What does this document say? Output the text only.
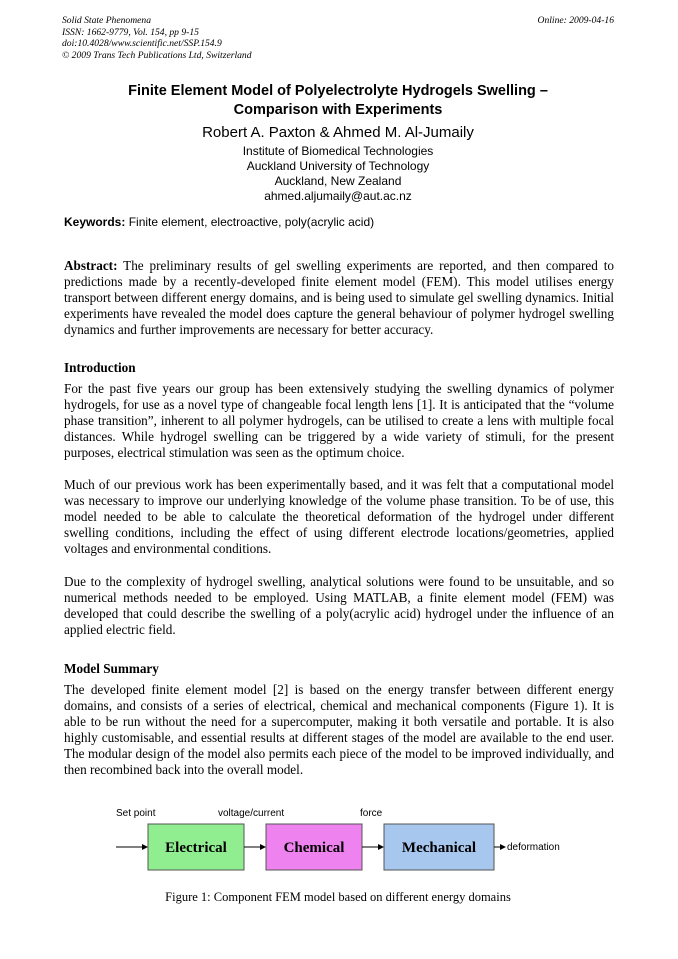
Solid State Phenomena
ISSN: 1662-9779, Vol. 154, pp 9-15
doi:10.4028/www.scientific.net/SSP.154.9
© 2009 Trans Tech Publications Ltd, Switzerland
Online: 2009-04-16
Finite Element Model of Polyelectrolyte Hydrogels Swelling –
Comparison with Experiments
Robert A. Paxton & Ahmed M. Al-Jumaily
Institute of Biomedical Technologies
Auckland University of Technology
Auckland, New Zealand
ahmed.aljumaily@aut.ac.nz
Keywords: Finite element, electroactive, poly(acrylic acid)

Abstract: The preliminary results of gel swelling experiments are reported, and then compared to predictions made by a recently-developed finite element model (FEM). This model utilises energy transport between different energy domains, and is being used to simulate gel swelling dynamics. Initial experiments have revealed the model does capture the general behaviour of polymer hydrogel swelling dynamics and further improvements are necessary for better accuracy.

Introduction

For the past five years our group has been extensively studying the swelling dynamics of polymer hydrogels, for use as a novel type of changeable focal length lens [1]. It is anticipated that the “volume phase transition”, inherent to all polymer hydrogels, can be utilised to create a lens with multiple focal distances. While hydrogel swelling can be triggered by a wide variety of stimuli, for the present purposes, electrical stimulation was seen as the optimum choice.

Much of our previous work has been experimentally based, and it was felt that a computational model was necessary to improve our underlying knowledge of the volume phase transition. To be of use, this model needed to be able to calculate the theoretical deformation of the hydrogel under different swelling conditions, including the effect of using different electrode locations/geometries, applied voltages and environmental conditions.

Due to the complexity of hydrogel swelling, analytical solutions were found to be unsuitable, and so numerical methods needed to be employed. Using MATLAB, a finite element model (FEM) was developed that could describe the swelling of a poly(acrylic acid) hydrogel under the influence of an applied electric field.

Model Summary

The developed finite element model [2] is based on the energy transfer between different energy domains, and consists of a series of electrical, chemical and mechanical components (Figure 1). It is able to be run without the need for a supercomputer, making it both versatile and portable. It is also highly customisable, and essential results at different stages of the model are available to the end user. The modular design of the model also permits each piece of the model to be improved individually, and then recombined back into the overall model.

Set point	voltage/current	force
Electrical	Chemical	Mechanical	deformation
Figure 1: Component FEM model based on different energy domains
